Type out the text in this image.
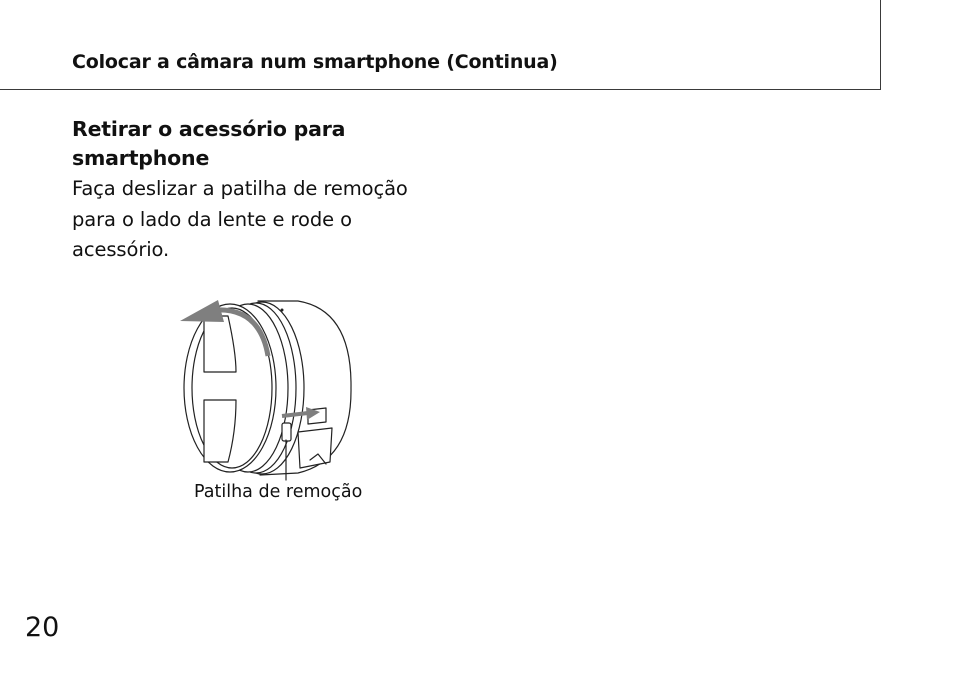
Colocar a câmara num smartphone (Continua)
Retirar o acessório para
smartphone
Faça deslizar a patilha de remoção
para o lado da lente e rode o
acessório.
Patilha de remoção
20
